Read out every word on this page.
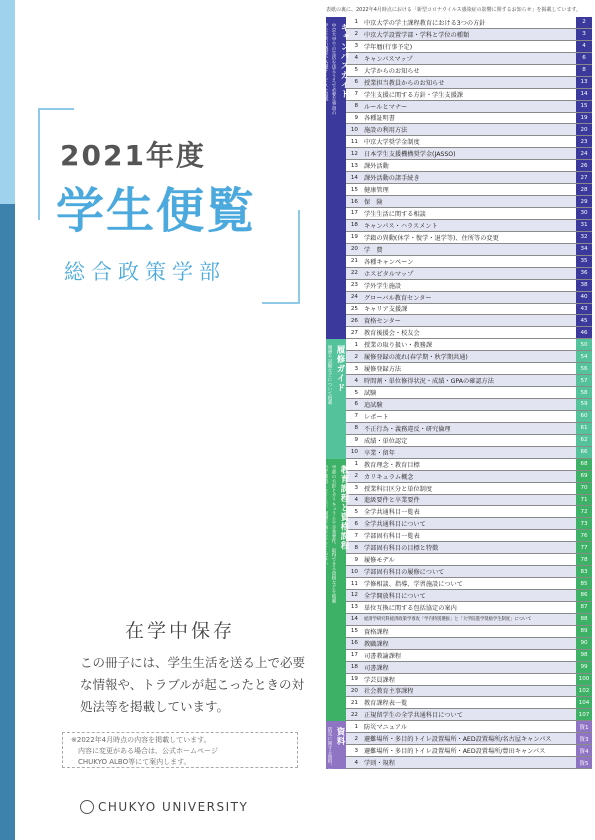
2021年度
学生便覧
総合政策学部
在学中保存
この冊子には、学生生活を送る上で必要な情報や、トラブルが起こったときの対処法等を掲載しています。
※2022年4月時点の内容を掲載しています。
内容に変更がある場合は、公式ホームページ
CHUKYO ALBO等にて案内します。
CHUKYO UNIVERSITY
表紙の裏に、2022年4月時点における「新型コロナウイルス感染症の影響に関するお知らせ」を掲載しています。
キャンパスガイド
中京大学での生活を送るうえで必要な事項の
学生生活の概要や各種サービスを掲載
1 中京大学の学士課程教育における3つの方針	2
2 中京大学設置学部・学科と学位の種類	3
3 学年暦(行事予定)	4
4 キャンパスマップ	6
5 大学からのお知らせ	8
6 授業担当教員からのお知らせ	13
7 学生支援に関する方針・学生支援課	14
8 ルールとマナー	15
9 各種証明書	19
10 施設の利用方法	20
11 中京大学奨学金制度	23
12 日本学生支援機構奨学金(JASSO)	24
13 課外活動	26
14 課外活動の諸手続き	27
15 健康管理	28
16 保　険	29
17 学生生活に関する相談	30
18 キャンパス・ハラスメント	31
19 学籍の異動(休学・復学・退学等)、住所等の変更	32
20 学　費	34
21 各種キャンペーン	35
22 ホスピタルマップ	36
23 学外学生施設	38
24 グローバル教育センター	40
25 キャリア支援課	43
26 資格センター	45
27 教育後援会・校友会	46
履修ガイド
履修や試験などについて掲載
1 授業の取り扱い・教務課	50
2 履修登録の流れ(春学期・秋学期共通)	54
3 履修登録方法	56
4 時間割・単位修得状況・成績・GPAの確認方法	57
5 試験	58
6 追試験	59
7 レポート	60
8 不正行為・義務違反・研究倫理	61
9 成績・単位認定	62
10 卒業・留年	66
教育課程と資格課程
学部の方針とカリキュラムや卒業要件、取得できる資格などを掲載
必ず確認したうえで、履修計画を立ててください
1 教育理念・教育目標	68
2 カリキュラム概念	69
3 授業科目区分と単位制度	70
4 進級要件と卒業要件	71
5 全学共通科目一覧表	72
6 全学共通科目について	73
7 学部固有科目一覧表	76
8 学部固有科目の目標と特徴	77
9 履修モデル	78
10 学部固有科目の履修について	83
11 学修相談、指導、学習施設について	85
12 全学開放科目について	86
13 単位互換に関する包括協定の案内	87
14	経済学研究科経済政策学専攻「学内特別選抜」と「大学院進学奨励学生制度」について	88
15 資格課程	89
16 教職課程	90
17 司書教諭課程	98
18 司書課程	99
19 学芸員課程	100
20 社会教育主事課程	102
21 教育課程表一覧	104
22 正規留学生の全学共通科目について	107
資料
防災に関する資料、学則・規程を掲載
1 防災マニュアル	資1
2 避難場所・多目的トイレ設置場所・AED設置場所/名古屋キャンパス	資3
3 避難場所・多目的トイレ設置場所・AED設置場所/豊田キャンパス	資4
4 学則・規程	資5
